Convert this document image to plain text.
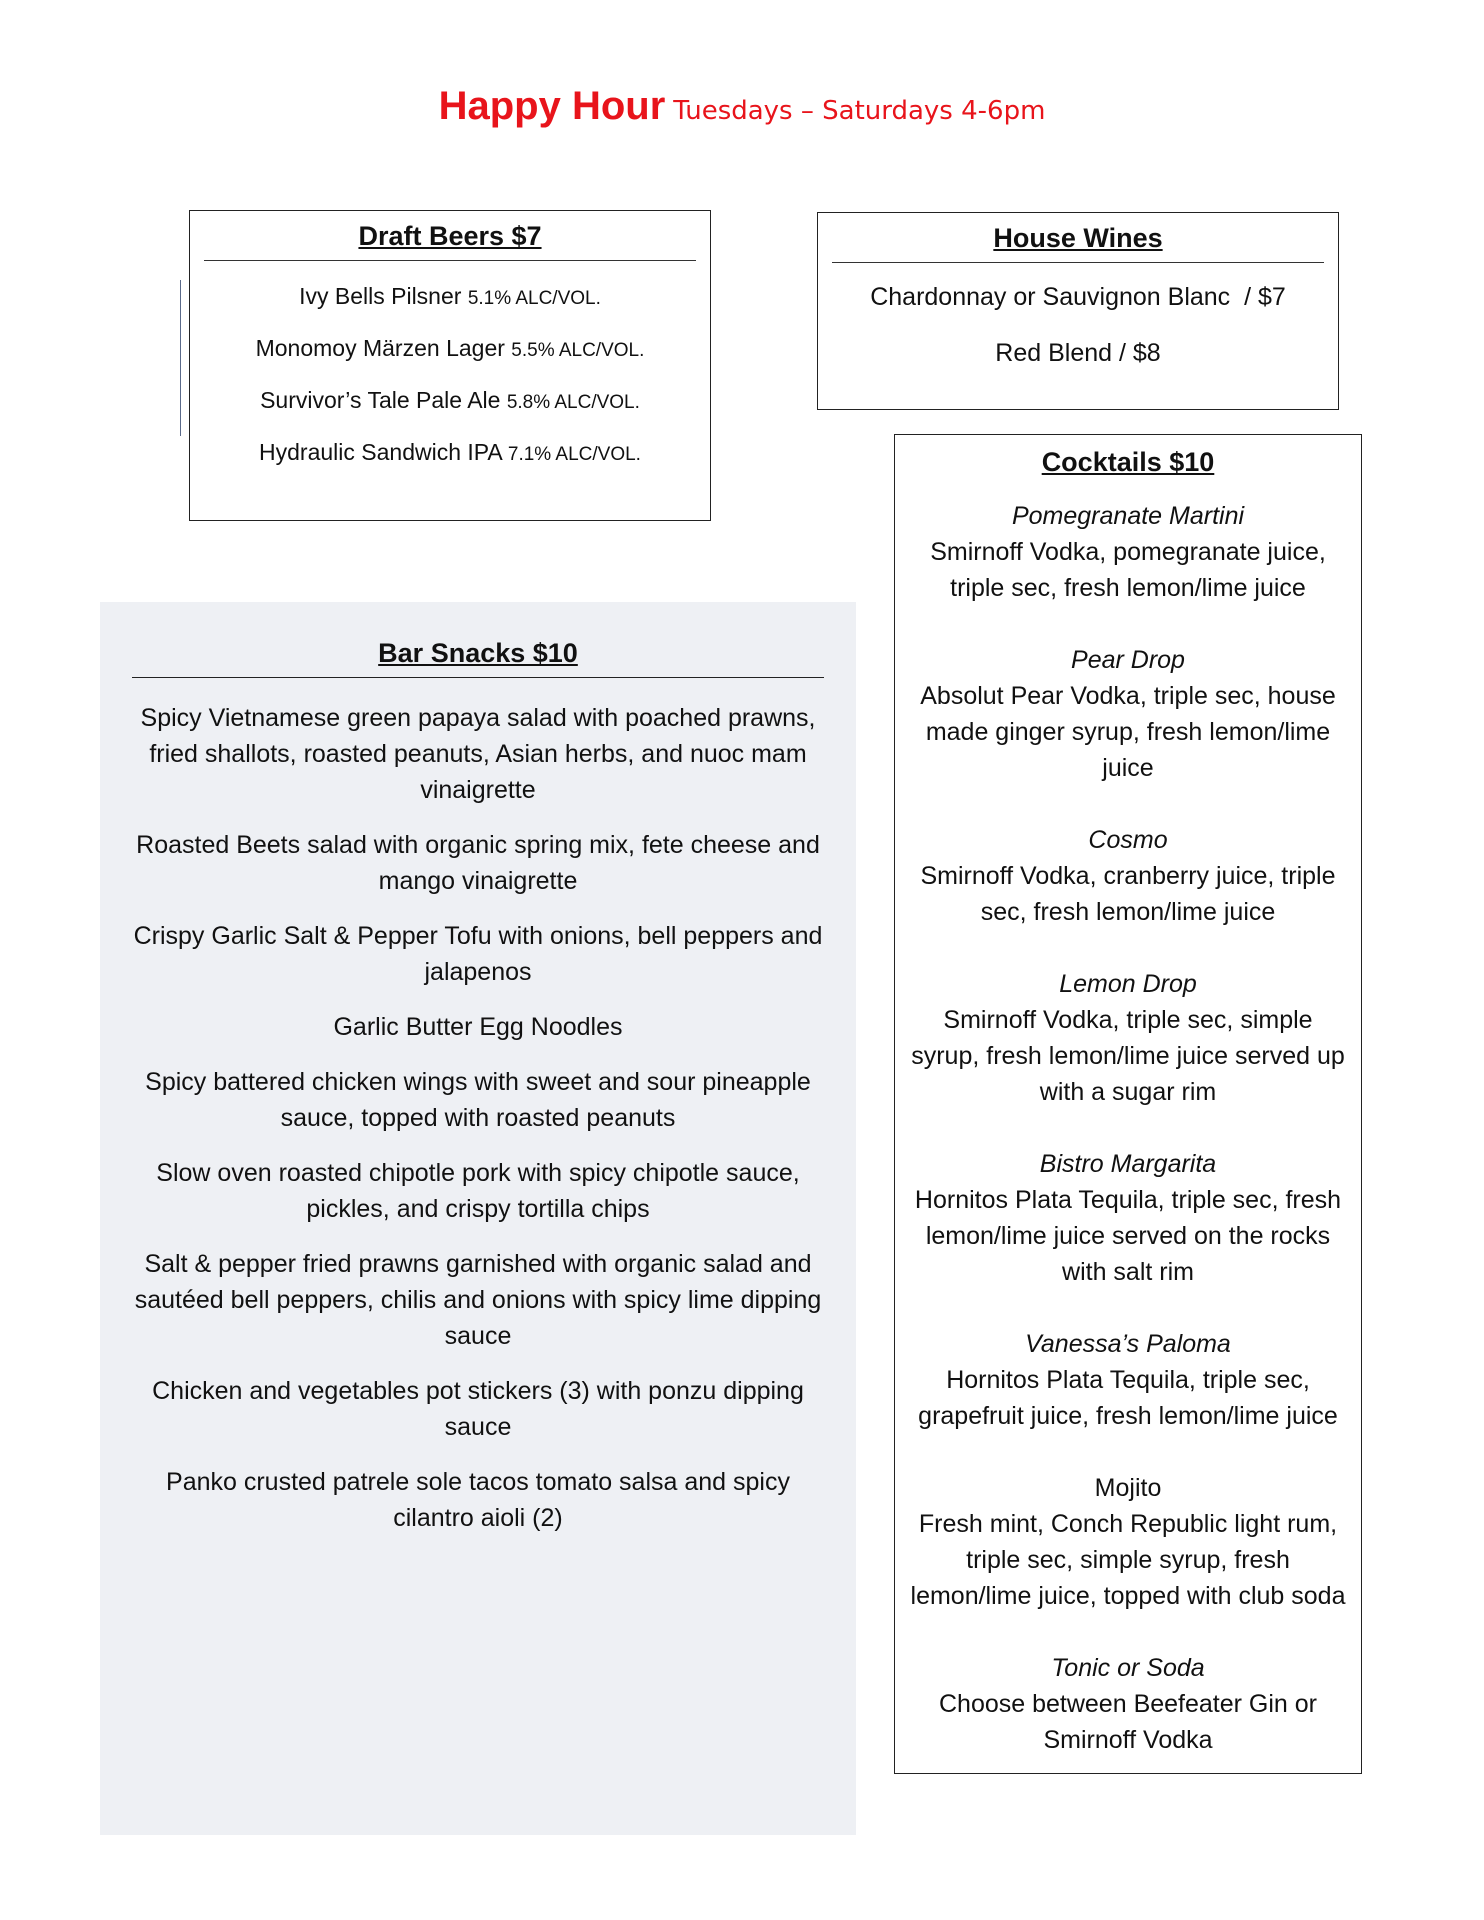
Happy Hour Tuesdays – Saturdays 4-6pm
Draft Beers $7
Ivy Bells Pilsner 5.1% ALC/VOL.
Monomoy Märzen Lager 5.5% ALC/VOL.
Survivor’s Tale Pale Ale 5.8% ALC/VOL.
Hydraulic Sandwich IPA 7.1% ALC/VOL.
House Wines
Chardonnay or Sauvignon Blanc  / $7
Red Blend / $8
Bar Snacks $10
Spicy Vietnamese green papaya salad with poached prawns, fried shallots, roasted peanuts, Asian herbs, and nuoc mam vinaigrette
Roasted Beets salad with organic spring mix, fete cheese and mango vinaigrette
Crispy Garlic Salt & Pepper Tofu with onions, bell peppers and jalapenos
Garlic Butter Egg Noodles
Spicy battered chicken wings with sweet and sour pineapple sauce, topped with roasted peanuts
Slow oven roasted chipotle pork with spicy chipotle sauce, pickles, and crispy tortilla chips
Salt & pepper fried prawns garnished with organic salad and sautéed bell peppers, chilis and onions with spicy lime dipping sauce
Chicken and vegetables pot stickers (3) with ponzu dipping sauce
Panko crusted patrele sole tacos tomato salsa and spicy cilantro aioli (2)
Cocktails $10
Pomegranate Martini
Smirnoff Vodka, pomegranate juice, triple sec, fresh lemon/lime juice
Pear Drop
Absolut Pear Vodka, triple sec, house made ginger syrup, fresh lemon/lime juice
Cosmo
Smirnoff Vodka, cranberry juice, triple sec, fresh lemon/lime juice
Lemon Drop
Smirnoff Vodka, triple sec, simple syrup, fresh lemon/lime juice served up with a sugar rim
Bistro Margarita
Hornitos Plata Tequila, triple sec, fresh lemon/lime juice served on the rocks with salt rim
Vanessa’s Paloma
Hornitos Plata Tequila, triple sec, grapefruit juice, fresh lemon/lime juice
Mojito
Fresh mint, Conch Republic light rum, triple sec, simple syrup, fresh lemon/lime juice, topped with club soda
Tonic or Soda
Choose between Beefeater Gin or Smirnoff Vodka
